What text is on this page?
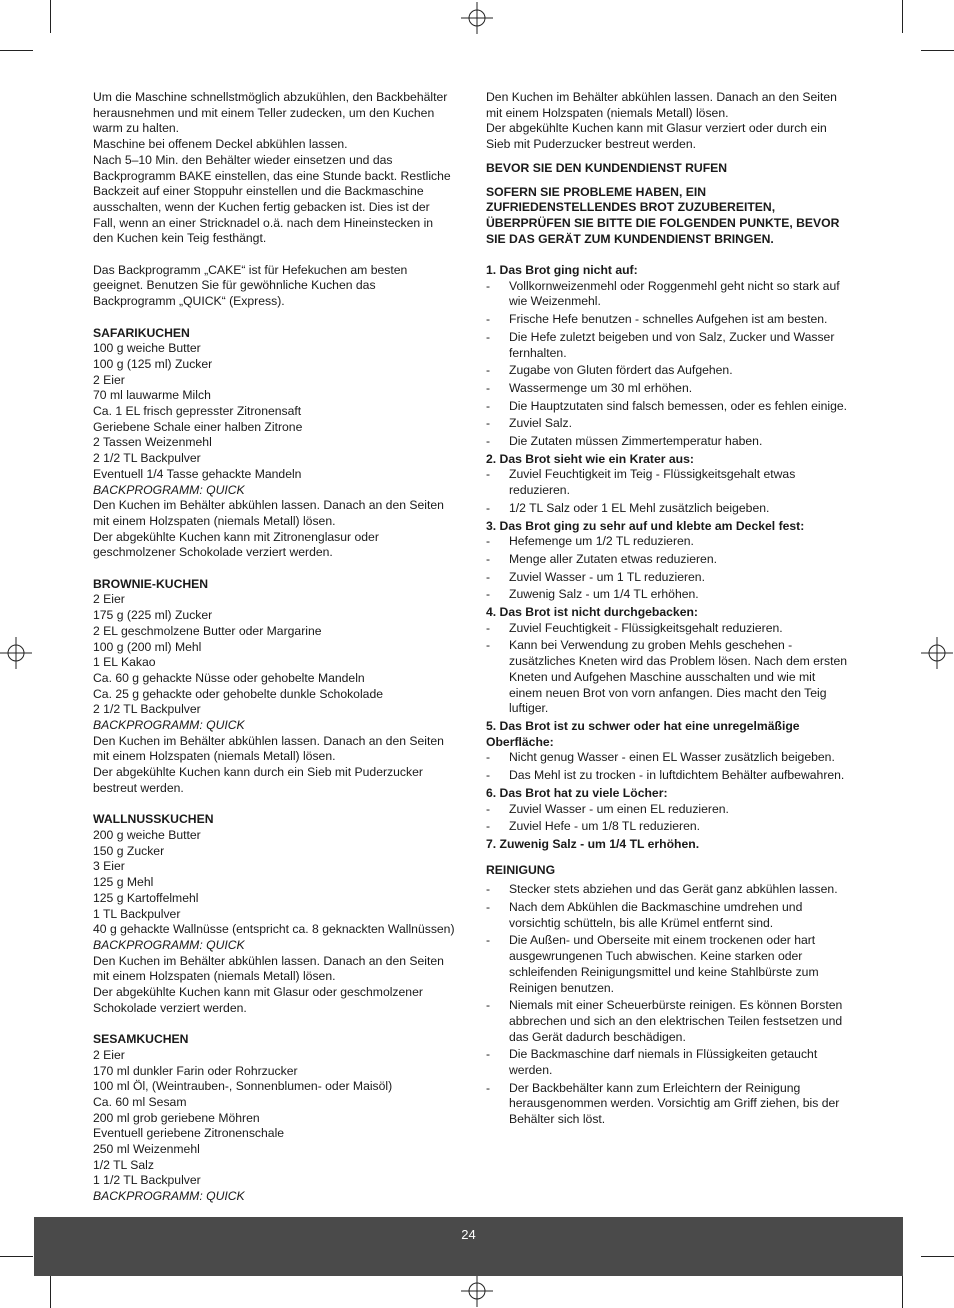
Um die Maschine schnellstmöglich abzukühlen, den Backbehälter

herausnehmen und mit einem Teller zudecken, um den Kuchen

warm zu halten.

Maschine bei offenem Deckel abkühlen lassen.

Nach 5–10 Min. den Behälter wieder einsetzen und das

Backprogramm BAKE einstellen, das eine Stunde backt. Restliche

Backzeit auf einer Stoppuhr einstellen und die Backmaschine

ausschalten, wenn der Kuchen fertig gebacken ist. Dies ist der

Fall, wenn an einer Stricknadel o.ä. nach dem Hineinstecken in

den Kuchen kein Teig festhängt.

Das Backprogramm „CAKE“ ist für Hefekuchen am besten

geeignet. Benutzen Sie für gewöhnliche Kuchen das

Backprogramm „QUICK“ (Express).

SAFARIKUCHEN

100 g weiche Butter

100 g (125 ml) Zucker

2 Eier

70 ml lauwarme Milch

Ca. 1 EL frisch gepresster Zitronensaft

Geriebene Schale einer halben Zitrone

2 Tassen Weizenmehl

2 1/2 TL Backpulver

Eventuell 1/4 Tasse gehackte Mandeln

BACKPROGRAMM: QUICK

Den Kuchen im Behälter abkühlen lassen. Danach an den Seiten

mit einem Holzspaten (niemals Metall) lösen.

Der abgekühlte Kuchen kann mit Zitronenglasur oder

geschmolzener Schokolade verziert werden.

BROWNIE-KUCHEN

2 Eier

175 g (225 ml) Zucker

2 EL geschmolzene Butter oder Margarine

100 g (200 ml) Mehl

1 EL Kakao

Ca. 60 g gehackte Nüsse oder gehobelte Mandeln

Ca. 25 g gehackte oder gehobelte dunkle Schokolade

2 1/2 TL Backpulver

BACKPROGRAMM: QUICK

Den Kuchen im Behälter abkühlen lassen. Danach an den Seiten

mit einem Holzspaten (niemals Metall) lösen.

Der abgekühlte Kuchen kann durch ein Sieb mit Puderzucker

bestreut werden.

WALLNUSSKUCHEN

200 g weiche Butter

150 g Zucker

3 Eier

125 g Mehl

125 g Kartoffelmehl

1 TL Backpulver

40 g gehackte Wallnüsse (entspricht ca. 8 geknackten Wallnüssen)

BACKPROGRAMM: QUICK

Den Kuchen im Behälter abkühlen lassen. Danach an den Seiten

mit einem Holzspaten (niemals Metall) lösen.

Der abgekühlte Kuchen kann mit Glasur oder geschmolzener

Schokolade verziert werden.

SESAMKUCHEN

2 Eier

170 ml dunkler Farin oder Rohrzucker

100 ml Öl, (Weintrauben-, Sonnenblumen- oder Maisöl)

Ca. 60 ml Sesam

200 ml grob geriebene Möhren

Eventuell geriebene Zitronenschale

250 ml Weizenmehl

1/2 TL Salz

1 1/2 TL Backpulver

BACKPROGRAMM: QUICK

Den Kuchen im Behälter abkühlen lassen. Danach an den Seiten

mit einem Holzspaten (niemals Metall) lösen.

Der abgekühlte Kuchen kann mit Glasur verziert oder durch ein

Sieb mit Puderzucker bestreut werden.

BEVOR SIE DEN KUNDENDIENST RUFEN

SOFERN SIE PROBLEME HABEN, EIN

ZUFRIEDENSTELLENDES BROT ZUZUBEREITEN,

ÜBERPRÜFEN SIE BITTE DIE FOLGENDEN PUNKTE, BEVOR

SIE DAS GERÄT ZUM KUNDENDIENST BRINGEN.

1. Das Brot ging nicht auf:

- Vollkornweizenmehl oder Roggenmehl geht nicht so stark auf
wie Weizenmehl.
- Frische Hefe benutzen - schnelles Aufgehen ist am besten.
- Die Hefe zuletzt beigeben und von Salz, Zucker und Wasser
fernhalten.
- Zugabe von Gluten fördert das Aufgehen.
- Wassermenge um 30 ml erhöhen.
- Die Hauptzutaten sind falsch bemessen, oder es fehlen einige.
- Zuviel Salz.
- Die Zutaten müssen Zimmertemperatur haben.

2. Das Brot sieht wie ein Krater aus:

- Zuviel Feuchtigkeit im Teig - Flüssigkeitsgehalt etwas
reduzieren.
- 1/2 TL Salz oder 1 EL Mehl zusätzlich beigeben.

3. Das Brot ging zu sehr auf und klebte am Deckel fest:

- Hefemenge um 1/2 TL reduzieren.
- Menge aller Zutaten etwas reduzieren.
- Zuviel Wasser - um 1 TL reduzieren.
- Zuwenig Salz - um 1/4 TL erhöhen.

4. Das Brot ist nicht durchgebacken:

- Zuviel Feuchtigkeit - Flüssigkeitsgehalt reduzieren.
- Kann bei Verwendung zu groben Mehls geschehen -
zusätzliches Kneten wird das Problem lösen. Nach dem ersten
Kneten und Aufgehen Maschine ausschalten und wie mit
einem neuen Brot von vorn anfangen. Dies macht den Teig
luftiger.

5. Das Brot ist zu schwer oder hat eine unregelmäßige

Oberfläche:

- Nicht genug Wasser - einen EL Wasser zusätzlich beigeben.
- Das Mehl ist zu trocken - in luftdichtem Behälter aufbewahren.

6. Das Brot hat zu viele Löcher:

- Zuviel Wasser - um einen EL reduzieren.
- Zuviel Hefe - um 1/8 TL reduzieren.

7. Zuwenig Salz - um 1/4 TL erhöhen.

REINIGUNG

- Stecker stets abziehen und das Gerät ganz abkühlen lassen.
- Nach dem Abkühlen die Backmaschine umdrehen und
vorsichtig schütteln, bis alle Krümel entfernt sind.
- Die Außen- und Oberseite mit einem trockenen oder hart
ausgewrungenen Tuch abwischen. Keine starken oder
schleifenden Reinigungsmittel und keine Stahlbürste zum
Reinigen benutzen.
- Niemals mit einer Scheuerbürste reinigen. Es können Borsten
abbrechen und sich an den elektrischen Teilen festsetzen und
das Gerät dadurch beschädigen.
- Die Backmaschine darf niemals in Flüssigkeiten getaucht
werden.
- Der Backbehälter kann zum Erleichtern der Reinigung
herausgenommen werden. Vorsichtig am Griff ziehen, bis der
Behälter sich löst.
24
